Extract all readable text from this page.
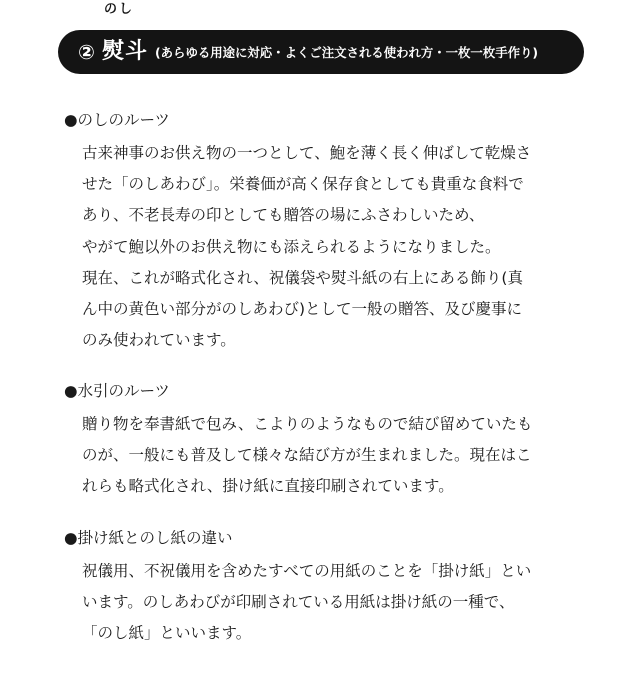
のし
② 熨斗 (あらゆる用途に対応・よくご注文される使われ方・一枚一枚手作り)
●のしのルーツ
古来神事のお供え物の一つとして、鮑を薄く長く伸ばして乾燥さ
せた「のしあわび」。栄養価が高く保存食としても貴重な食料で
あり、不老長寿の印としても贈答の場にふさわしいため、
やがて鮑以外のお供え物にも添えられるようになりました。
現在、これが略式化され、祝儀袋や熨斗紙の右上にある飾り(真
ん中の黄色い部分がのしあわび)として一般の贈答、及び慶事に
のみ使われています。
●水引のルーツ
贈り物を奉書紙で包み、こよりのようなもので結び留めていたも
のが、一般にも普及して様々な結び方が生まれました。現在はこ
れらも略式化され、掛け紙に直接印刷されています。
●掛け紙とのし紙の違い
祝儀用、不祝儀用を含めたすべての用紙のことを「掛け紙」とい
います。のしあわびが印刷されている用紙は掛け紙の一種で、
「のし紙」といいます。
